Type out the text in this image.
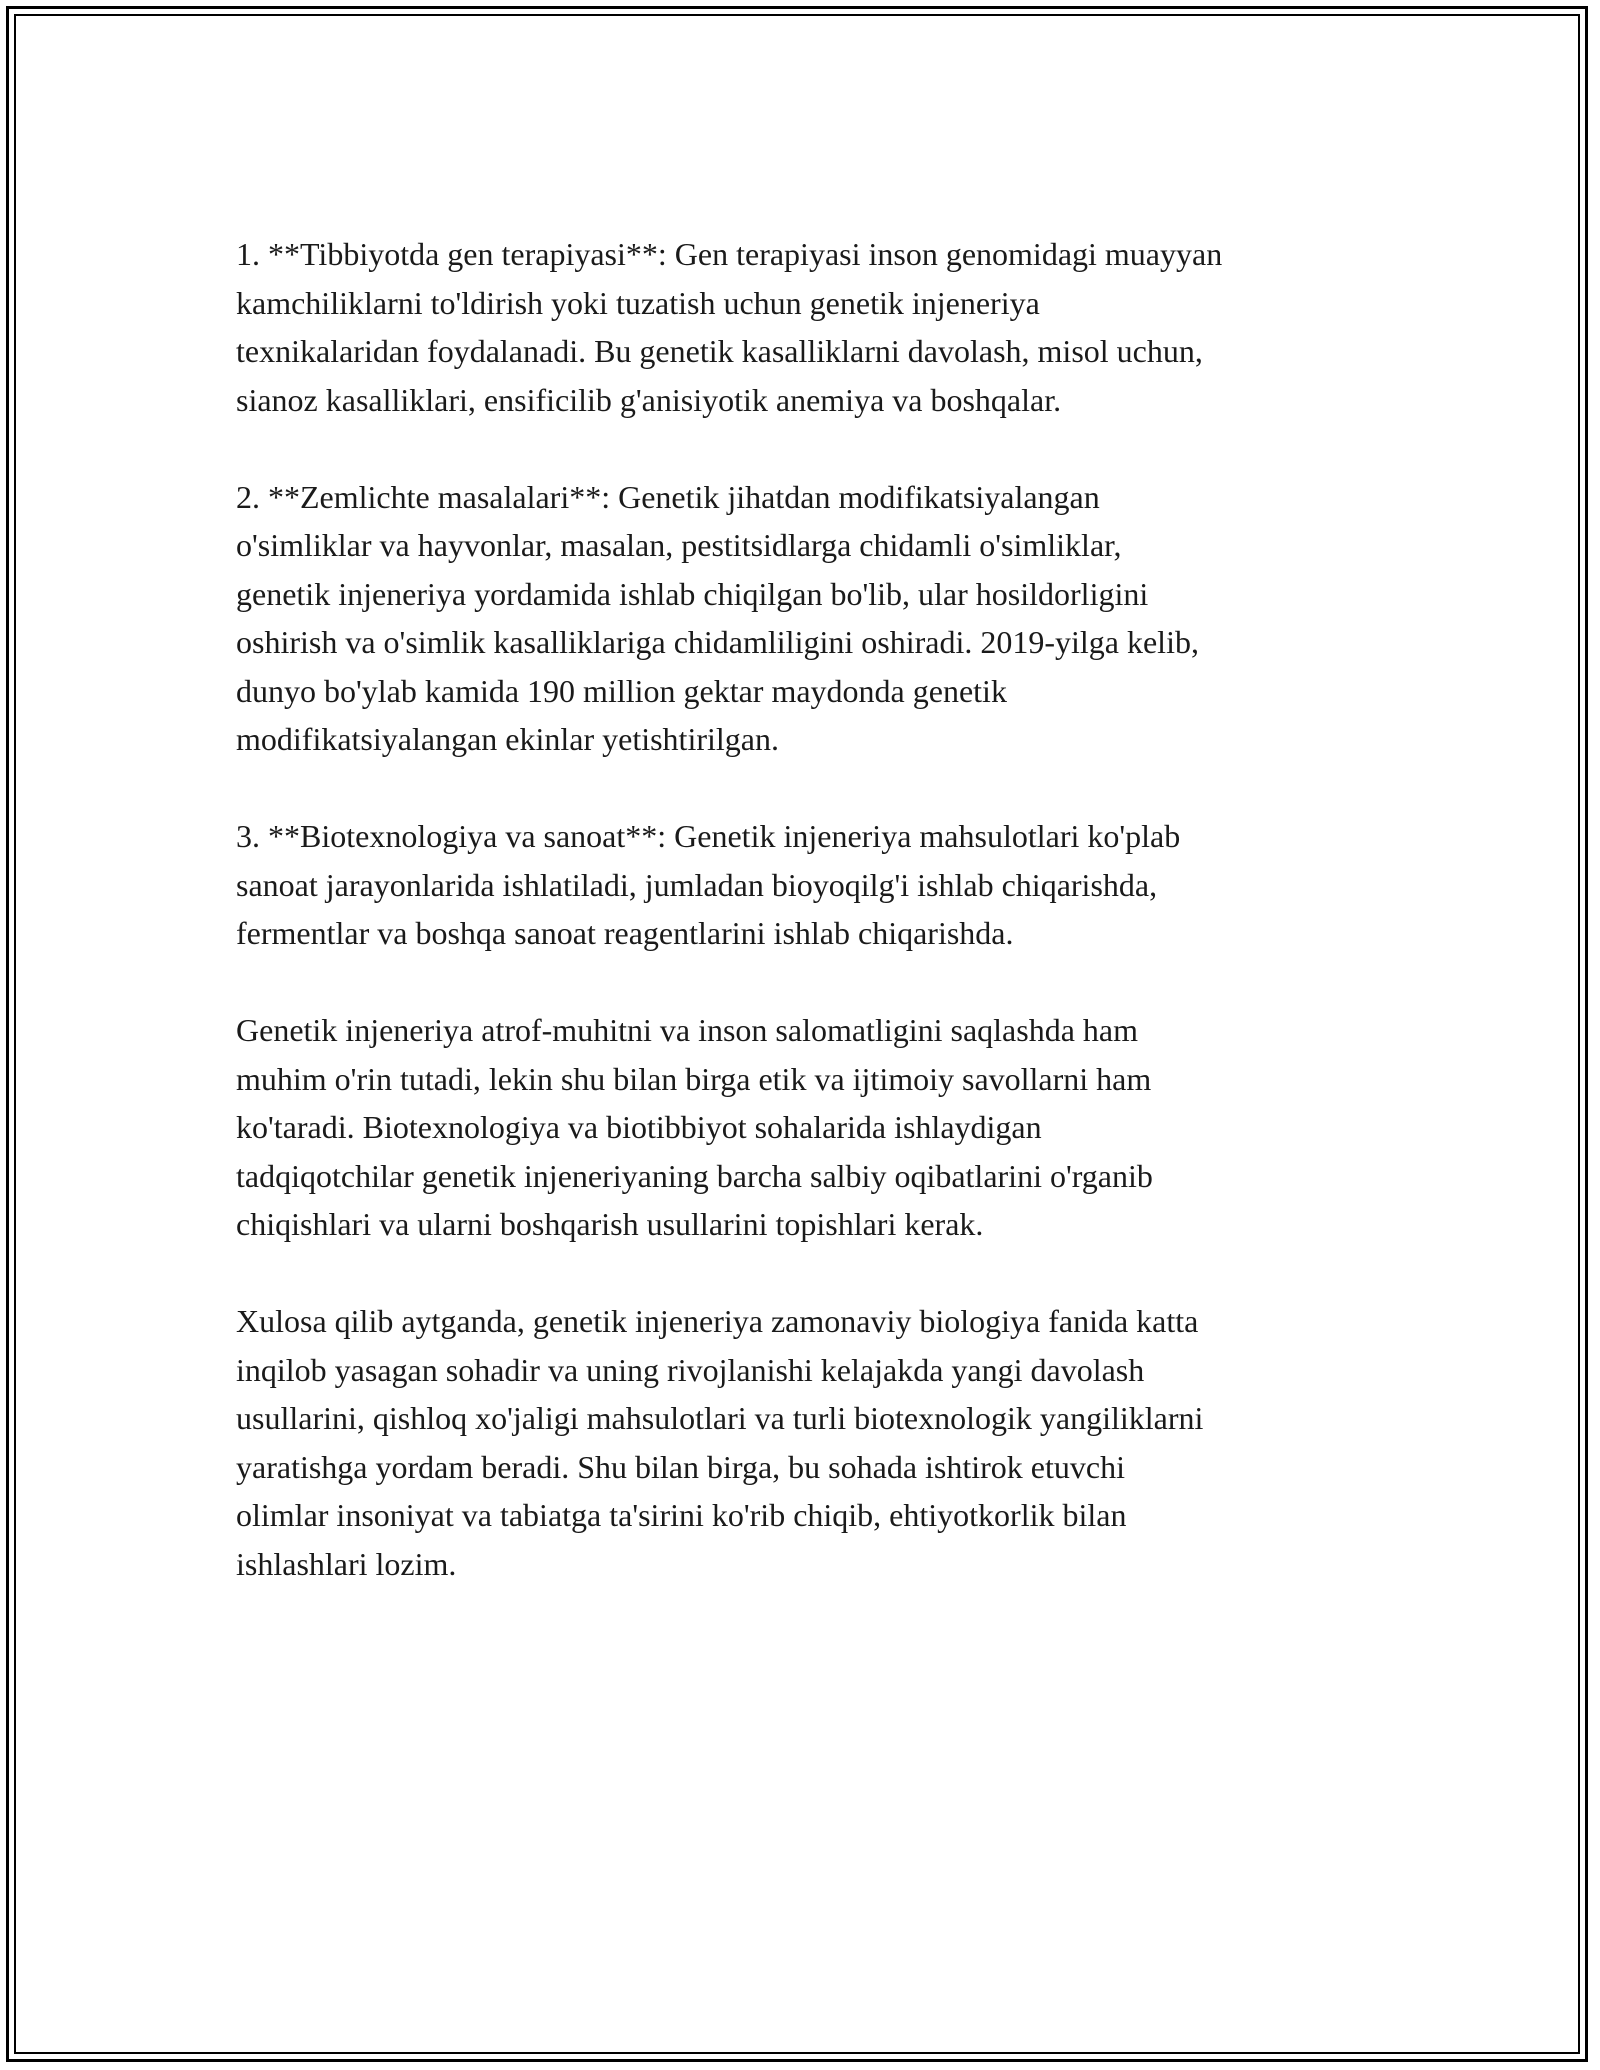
1. **Tibbiyotda gen terapiyasi**: Gen terapiyasi inson genomidagi muayyan
kamchiliklarni to'ldirish yoki tuzatish uchun genetik injeneriya
texnikalaridan foydalanadi. Bu genetik kasalliklarni davolash, misol uchun,
sianoz kasalliklari, ensificilib g'anisiyotik anemiya va boshqalar.

2. **Zemlichte masalalari**: Genetik jihatdan modifikatsiyalangan
o'simliklar va hayvonlar, masalan, pestitsidlarga chidamli o'simliklar,
genetik injeneriya yordamida ishlab chiqilgan bo'lib, ular hosildorligini
oshirish va o'simlik kasalliklariga chidamliligini oshiradi. 2019-yilga kelib,
dunyo bo'ylab kamida 190 million gektar maydonda genetik
modifikatsiyalangan ekinlar yetishtirilgan.

3. **Biotexnologiya va sanoat**: Genetik injeneriya mahsulotlari ko'plab
sanoat jarayonlarida ishlatiladi, jumladan bioyoqilg'i ishlab chiqarishda,
fermentlar va boshqa sanoat reagentlarini ishlab chiqarishda.

Genetik injeneriya atrof-muhitni va inson salomatligini saqlashda ham
muhim o'rin tutadi, lekin shu bilan birga etik va ijtimoiy savollarni ham
ko'taradi. Biotexnologiya va biotibbiyot sohalarida ishlaydigan
tadqiqotchilar genetik injeneriyaning barcha salbiy oqibatlarini o'rganib
chiqishlari va ularni boshqarish usullarini topishlari kerak.

Xulosa qilib aytganda, genetik injeneriya zamonaviy biologiya fanida katta
inqilob yasagan sohadir va uning rivojlanishi kelajakda yangi davolash
usullarini, qishloq xo'jaligi mahsulotlari va turli biotexnologik yangiliklarni
yaratishga yordam beradi. Shu bilan birga, bu sohada ishtirok etuvchi
olimlar insoniyat va tabiatga ta'sirini ko'rib chiqib, ehtiyotkorlik bilan
ishlashlari lozim.
